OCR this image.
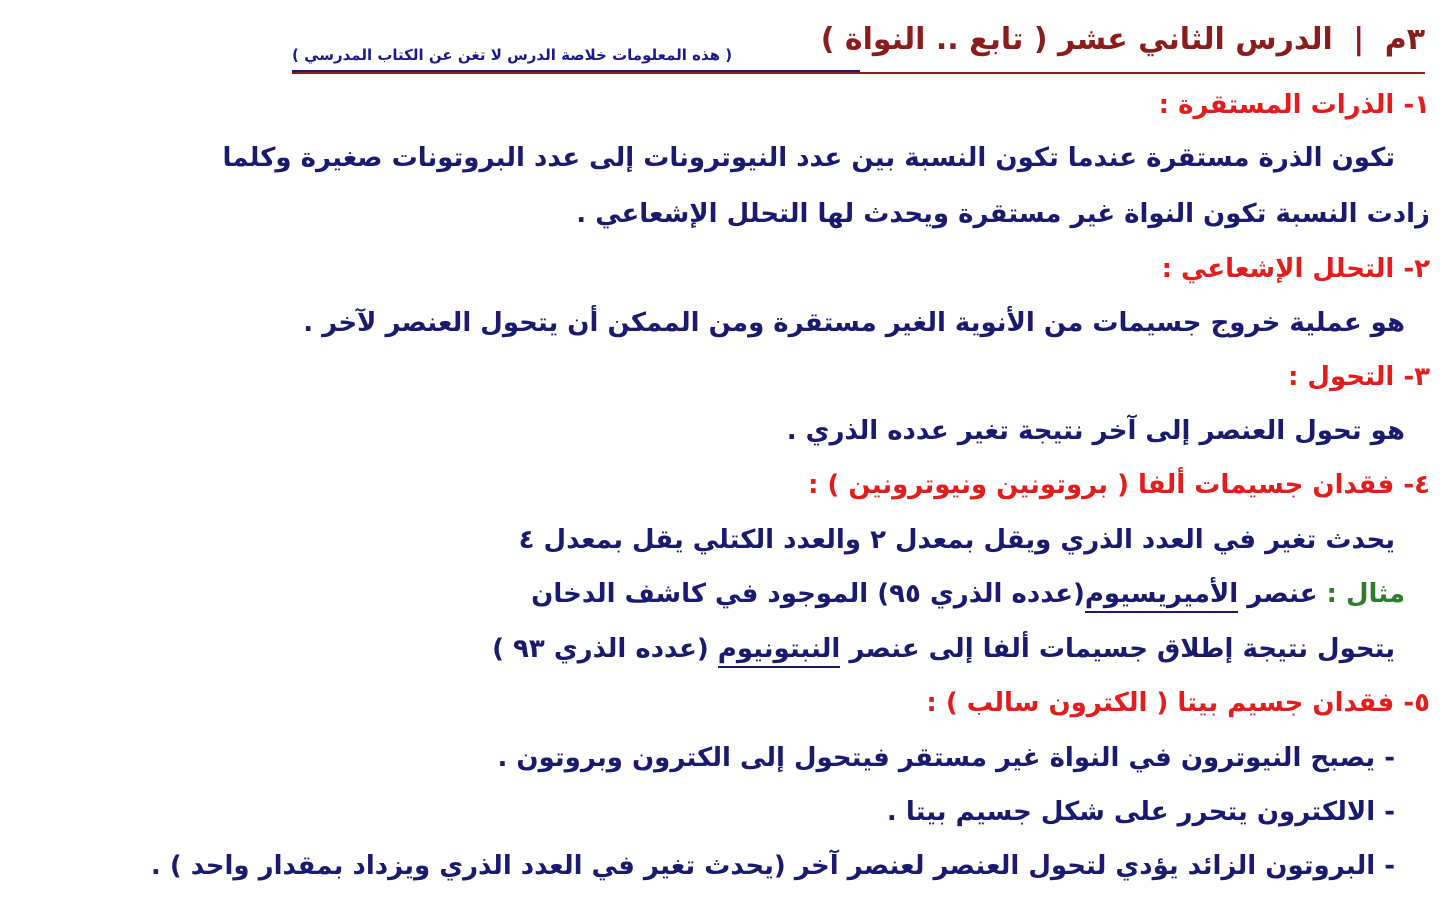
٣م | الدرس الثاني عشر ( تابع .. النواة )
( هذه المعلومات خلاصة الدرس لا تغن عن الكتاب المدرسي )
١- الذرات المستقرة :
تكون الذرة مستقرة عندما تكون النسبة بين عدد النيوترونات إلى عدد البروتونات صغيرة وكلما
زادت النسبة تكون النواة غير مستقرة ويحدث لها التحلل الإشعاعي .
٢- التحلل الإشعاعي :
هو عملية خروج جسيمات من الأنوية الغير مستقرة ومن الممكن أن يتحول العنصر لآخر .
٣- التحول :
هو تحول العنصر إلى آخر نتيجة تغير عدده الذري .
٤- فقدان جسيمات ألفا ( بروتونين ونيوترونين ) :
يحدث تغير في العدد الذري ويقل بمعدل ٢ والعدد الكتلي يقل بمعدل ٤
مثال : عنصر الأميريسيوم(عدده الذري ٩٥) الموجود في كاشف الدخان
يتحول نتيجة إطلاق جسيمات ألفا إلى عنصر النبتونيوم (عدده الذري ٩٣ )
٥- فقدان جسيم بيتا ( الكترون سالب ) :
- يصبح النيوترون في النواة غير مستقر فيتحول إلى الكترون وبروتون .
- الالكترون يتحرر على شكل جسيم بيتا .
- البروتون الزائد يؤدي لتحول العنصر لعنصر آخر (يحدث تغير في العدد الذري ويزداد بمقدار واحد ) .
